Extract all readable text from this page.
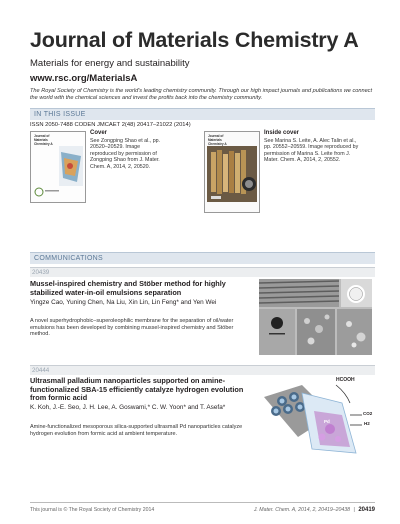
Journal of Materials Chemistry A
Materials for energy and sustainability
www.rsc.org/MaterialsA
The Royal Society of Chemistry is the world's leading chemistry community. Through our high impact journals and publications we connect the world with the chemical sciences and invest the profits back into the chemistry community.
IN THIS ISSUE
ISSN 2050-7488 CODEN JMCAET 2(48) 20417–21022 (2014)
Journal of Materials Chemistry A
Cover
See Zongping Shao et al., pp. 20520–20529. Image reproduced by permission of Zongping Shao from J. Mater. Chem. A, 2014, 2, 20520.
Journal of Materials Chemistry A
Inside cover
See Marina S. Leite, A. Alec Talin et al., pp. 20552–20559. Image reproduced by permission of Marina S. Leite from J. Mater. Chem. A, 2014, 2, 20552.
COMMUNICATIONS
20439
Mussel-inspired chemistry and Stöber method for highly stabilized water-in-oil emulsions separation
Yingze Cao, Yuning Chen, Na Liu, Xin Lin, Lin Feng* and Yen Wei
A novel superhydrophobic–superoleophilic membrane for the separation of oil/water emulsions has been developed by combining mussel-inspired chemistry and Stöber method.
20444
Ultrasmall palladium nanoparticles supported on amine-functionalized SBA-15 efficiently catalyze hydrogen evolution from formic acid
K. Koh, J.-E. Seo, J. H. Lee, A. Goswami,* C. W. Yoon* and T. Asefa*
Amine-functionalized mesoporous silica-supported ultrasmall Pd nanoparticles catalyze hydrogen evolution from formic acid at ambient temperature.
HCOOH
CO2
H2
Pd
This journal is © The Royal Society of Chemistry 2014	J. Mater. Chem. A, 2014, 2, 20419–20438 | 20419
